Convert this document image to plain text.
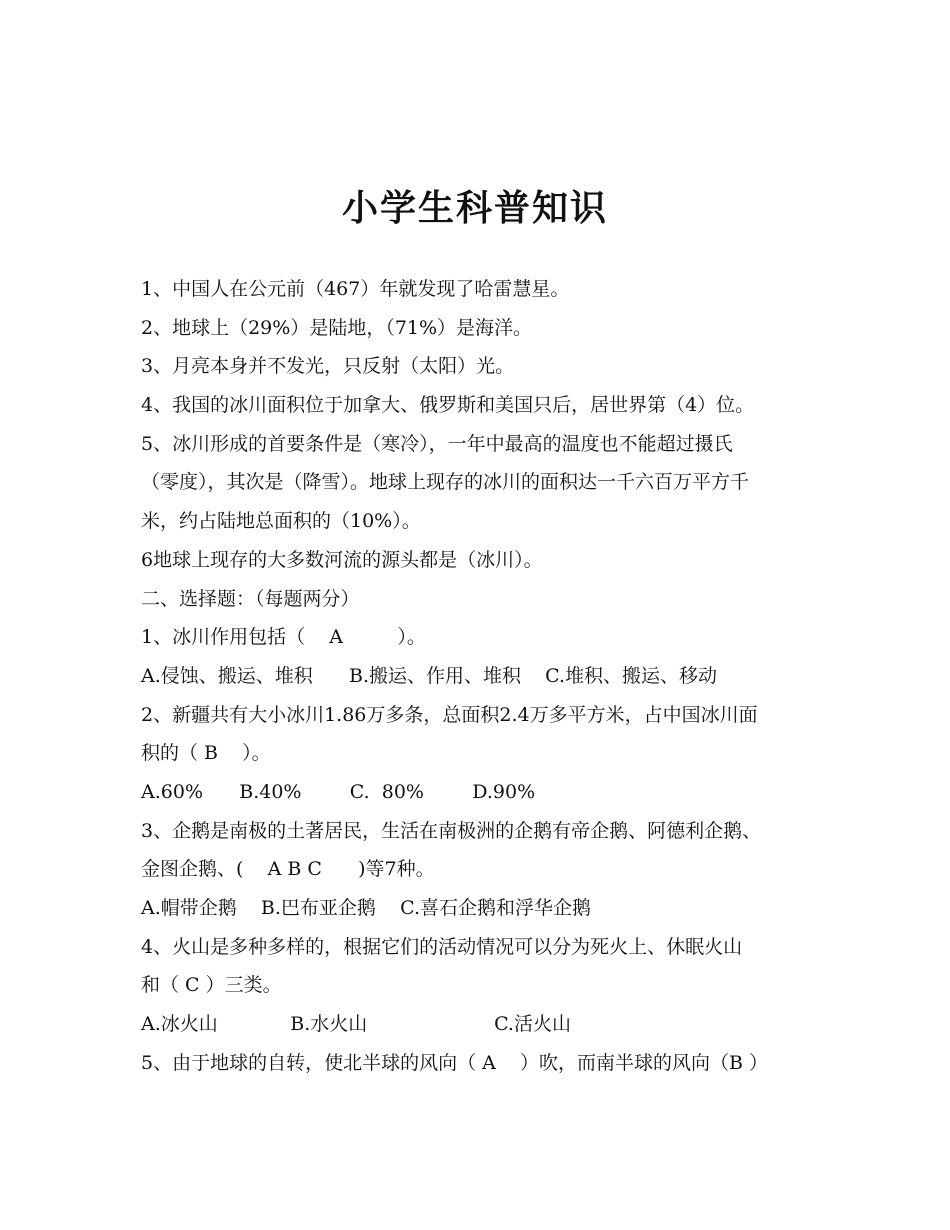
小学生科普知识
1、中国人在公元前（467）年就发现了哈雷慧星。
2、地球上（29%）是陆地，（71%）是海洋。
3、月亮本身并不发光，只反射（太阳）光。
4、我国的冰川面积位于加拿大、俄罗斯和美国只后，居世界第（4）位。
5、冰川形成的首要条件是（寒冷），一年中最高的温度也不能超过摄氏
（零度），其次是（降雪）。地球上现存的冰川的面积达一千六百万平方千
米，约占陆地总面积的（10%）。
6地球上现存的大多数河流的源头都是（冰川）。
二、选择题：（每题两分）
1、冰川作用包括（    A         ）。
A.侵蚀、搬运、堆积      B.搬运、作用、堆积    C.堆积、搬运、移动
2、新疆共有大小冰川1.86万多条，总面积2.4万多平方米，占中国冰川面
积的（ B    ）。
A.60%      B.40%        C.  80%        D.90%
3、企鹅是南极的土著居民，生活在南极洲的企鹅有帝企鹅、阿德利企鹅、
金图企鹅、(    A B C      )等7种。
A.帽带企鹅    B.巴布亚企鹅    C.喜石企鹅和浮华企鹅
4、火山是多种多样的，根据它们的活动情况可以分为死火上、休眠火山
和（ C ）三类。
A.冰火山            B.水火山                     C.活火山
5、由于地球的自转，使北半球的风向（ A    ）吹，而南半球的风向（B ）
